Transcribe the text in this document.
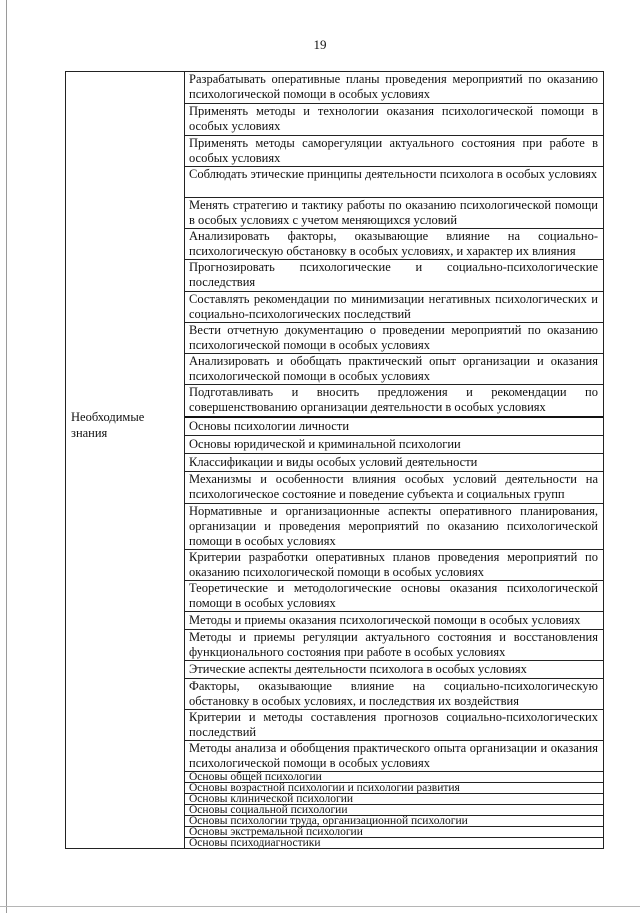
19
Необходимые знания
Разрабатывать оперативные планы проведения мероприятий по оказанию психологической помощи в особых условиях
Применять методы и технологии оказания психологической помощи в особых условиях
Применять методы саморегуляции актуального состояния при работе в особых условиях
Соблюдать этические принципы деятельности психолога в особых условиях
Менять стратегию и тактику работы по оказанию психологической помощи в особых условиях с учетом меняющихся условий
Анализировать факторы, оказывающие влияние на социально-психологическую обстановку в особых условиях, и характер их влияния
Прогнозировать психологические и социально-психологические последствия
Составлять рекомендации по минимизации негативных психологических и социально-психологических последствий
Вести отчетную документацию о проведении мероприятий по оказанию психологической помощи в особых условиях
Анализировать и обобщать практический опыт организации и оказания психологической помощи в особых условиях
Подготавливать и вносить предложения и рекомендации по совершенствованию организации деятельности в особых условиях
Основы психологии личности
Основы юридической и криминальной психологии
Классификации и виды особых условий деятельности
Механизмы и особенности влияния особых условий деятельности на психологическое состояние и поведение субъекта и социальных групп
Нормативные и организационные аспекты оперативного планирования, организации и проведения мероприятий по оказанию психологической помощи в особых условиях
Критерии разработки оперативных планов проведения мероприятий по оказанию психологической помощи в особых условиях
Теоретические и методологические основы оказания психологической помощи в особых условиях
Методы и приемы оказания психологической помощи в особых условиях
Методы и приемы регуляции актуального состояния и восстановления функционального состояния при работе в особых условиях
Этические аспекты деятельности психолога в особых условиях
Факторы, оказывающие влияние на социально-психологическую обстановку в особых условиях, и последствия их воздействия
Критерии и методы составления прогнозов социально-психологических последствий
Методы анализа и обобщения практического опыта организации и оказания психологической помощи в особых условиях
Основы общей психологии
Основы возрастной психологии и психологии развития
Основы клинической психологии
Основы социальной психологии
Основы психологии труда, организационной психологии
Основы экстремальной психологии
Основы психодиагностики
